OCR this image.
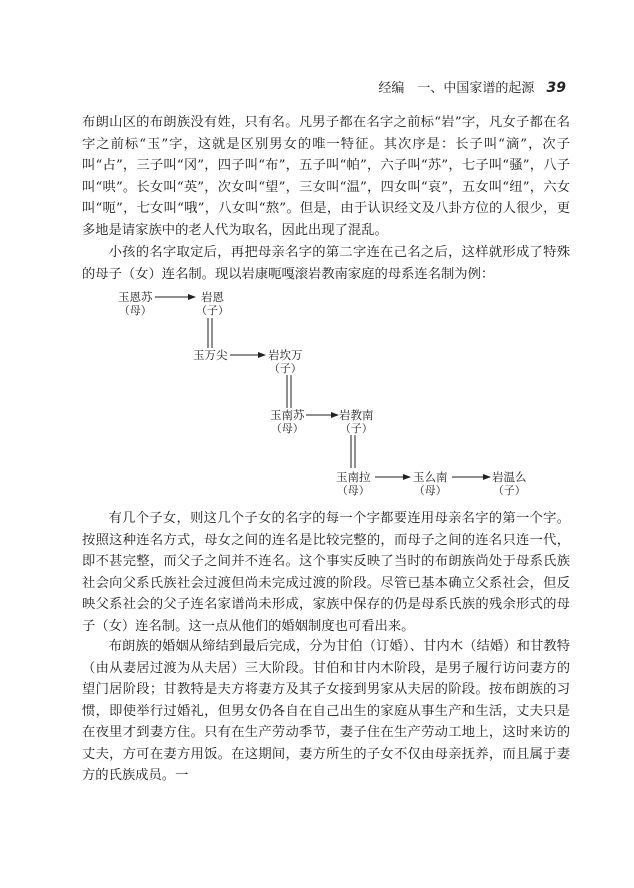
经编　一、中国家谱的起源 39

布朗山区的布朗族没有姓，只有名。凡男子都在名字之前标“岩”字，凡女子都在名字之前标“玉”字，这就是区别男女的唯一特征。其次序是：长子叫“滴”，次子叫“占”，三子叫“冈”，四子叫“布”，五子叫“帕”，六子叫“苏”，七子叫“骚”，八子叫“哄”。长女叫“英”，次女叫“望”，三女叫“温”，四女叫“哀”，五女叫“纽”，六女叫“呃”，七女叫“哦”，八女叫“熬”。但是，由于认识经文及八卦方位的人很少，更多地是请家族中的老人代为取名，因此出现了混乱。

小孩的名字取定后，再把母亲名字的第二字连在己名之后，这样就形成了特殊的母子（女）连名制。现以岩康呃嘎滚岩教南家庭的母系连名制为例：

玉恩苏
（母）
岩恩
（子）
玉万尖	岩坎万
（子）
玉南苏
（母）
岩教南
（子）
玉南拉
（母）
玉么南
（母）
岩温么
（子）

有几个子女，则这几个子女的名字的每一个字都要连用母亲名字的第一个字。按照这种连名方式，母女之间的连名是比较完整的，而母子之间的连名只连一代，即不甚完整，而父子之间并不连名。这个事实反映了当时的布朗族尚处于母系氏族社会向父系氏族社会过渡但尚未完成过渡的阶段。尽管已基本确立父系社会，但反映父系社会的父子连名家谱尚未形成，家族中保存的仍是母系氏族的残余形式的母子（女）连名制。这一点从他们的婚姻制度也可看出来。

布朗族的婚姻从缔结到最后完成，分为甘伯（订婚）、甘内木（结婚）和甘教特（由从妻居过渡为从夫居）三大阶段。甘伯和甘内木阶段，是男子履行访问妻方的望门居阶段；甘教特是夫方将妻方及其子女接到男家从夫居的阶段。按布朗族的习惯，即使举行过婚礼，但男女仍各自在自己出生的家庭从事生产和生活，丈夫只是在夜里才到妻方住。只有在生产劳动季节，妻子住在生产劳动工地上，这时来访的丈夫，方可在妻方用饭。在这期间，妻方所生的子女不仅由母亲抚养，而且属于妻方的氏族成员。一
